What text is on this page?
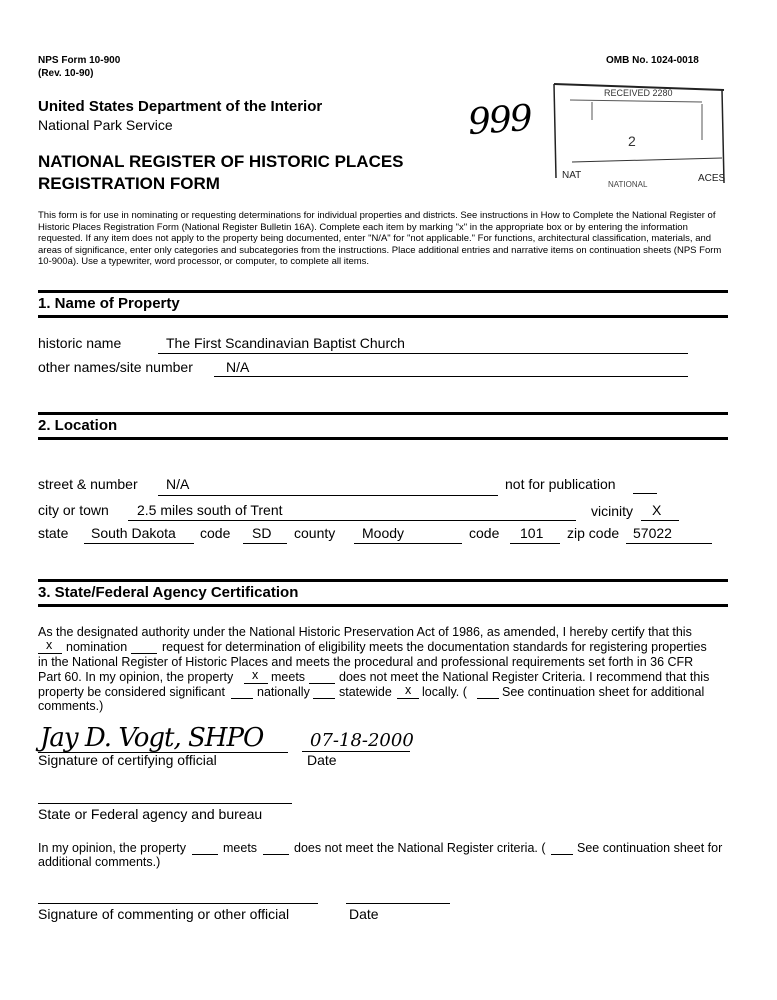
NPS Form 10-900
(Rev. 10-90)
OMB No. 1024-0018
United States Department of the Interior
National Park Service	999
NATIONAL REGISTER OF HISTORIC PLACES
REGISTRATION FORM
RECEIVED 2280
2
NAT	ACES
NATIONAL
This form is for use in nominating or requesting determinations for individual properties and districts. See instructions in How to Complete the National Register of Historic Places Registration Form (National Register Bulletin 16A). Complete each item by marking "x" in the appropriate box or by entering the information requested. If any item does not apply to the property being documented, enter "N/A" for "not applicable." For functions, architectural classification, materials, and areas of significance, enter only categories and subcategories from the instructions. Place additional entries and narrative items on continuation sheets (NPS Form 10-900a). Use a typewriter, word processor, or computer, to complete all items.
1. Name of Property
historic name	The First Scandinavian Baptist Church
other names/site number N/A
2. Location
street & number N/A	not for publication
city or town 2.5 miles south of Trent	vicinity X
state South Dakota code SD county Moody	code 101 zip code 57022
3. State/Federal Agency Certification
As the designated authority under the National Historic Preservation Act of 1986, as amended, I hereby certify that this
x nomination	request for determination of eligibility meets the documentation standards for registering properties
in the National Register of Historic Places and meets the procedural and professional requirements set forth in 36 CFR
Part 60. In my opinion, the property x meets	does not meet the National Register Criteria. I recommend that this
property be considered significant	nationally statewide x locally. (	See continuation sheet for additional
comments.)
Jay D. Vogt, SHPO
Signature of certifying official
07-18-2000
Date
State or Federal agency and bureau
In my opinion, the property	meets	does not meet the National Register criteria. (	See continuation sheet for
additional comments.)
Signature of commenting or other official	Date
